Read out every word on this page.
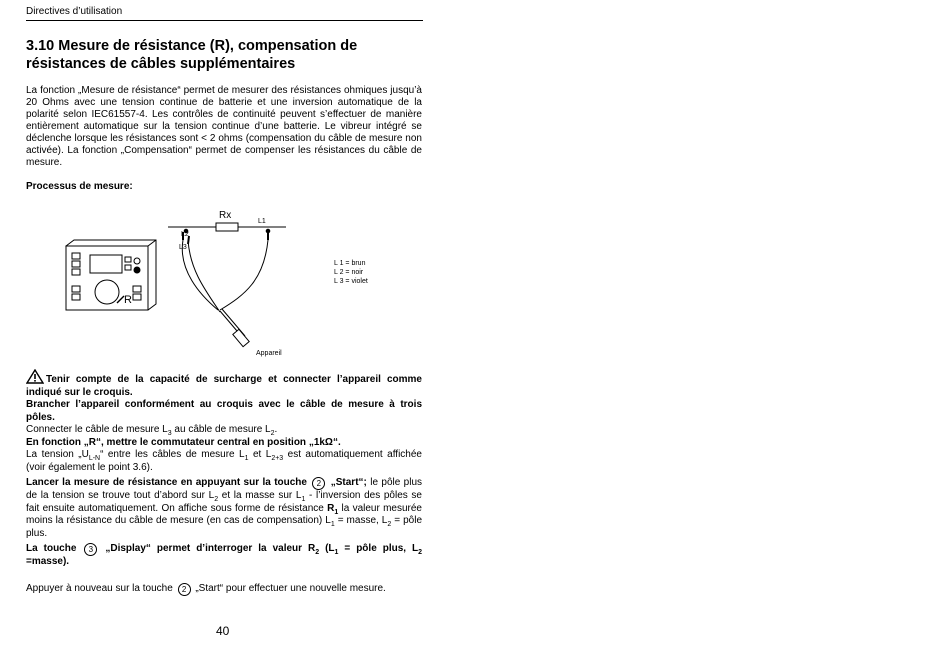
Directives d’utilisation
3.10 Mesure de résistance (R), compensation de
résistances de câbles supplémentaires

La fonction „Mesure de résistance“ permet de mesurer des résistances ohmiques jusqu’à 20 Ohms avec une tension continue de batterie et une inversion automatique de la polarité selon IEC61557-4. Les contrôles de continuité peuvent s’effectuer de manière entièrement automatique sur la tension continue d’une batterie. Le vibreur intégré se déclenche lorsque les résistances sont < 2 ohms (compensation du câble de mesure non activée). La fonction „Compensation“ permet de compenser les résistances du câble de mesure.

Processus de mesure:

R
Rx
L1
L2
L3
Appareil
L 1 = brun
L 2 = noir
L 3 = violet

Tenir compte de la capacité de surcharge et connecter l’appareil comme indiqué sur le croquis.

Brancher l’appareil conformément au croquis avec le câble de mesure à trois pôles.

Connecter le câble de mesure $L_3$ au câble de mesure $L_2$.

En fonction „R“, mettre le commutateur central en position „1kΩ“.

La tension $„U_{L-N}“$ entre les câbles de mesure $L_1$ et $L_{2+3}$ est automatiquement affichée (voir également le point 3.6).

Lancer la mesure de résistance en appuyant sur la touche 2 „Start“; le pôle plus de la tension se trouve tout d’abord sur $L_2$ et la masse sur $L_1$ - l’inversion des pôles se fait ensuite automatiquement. On affiche sous forme de résistance $R_1$ la valeur mesurée moins la résistance du câble de mesure (en cas de compensation) $L_1$ = masse, $L_2$ = pôle plus.

La touche 3 „Display“ permet d’interroger la valeur $R_2$ ($L_1$ = pôle plus, $L_2$ =masse).

Appuyer à nouveau sur la touche 2 „Start“ pour effectuer une nouvelle mesure.

40
